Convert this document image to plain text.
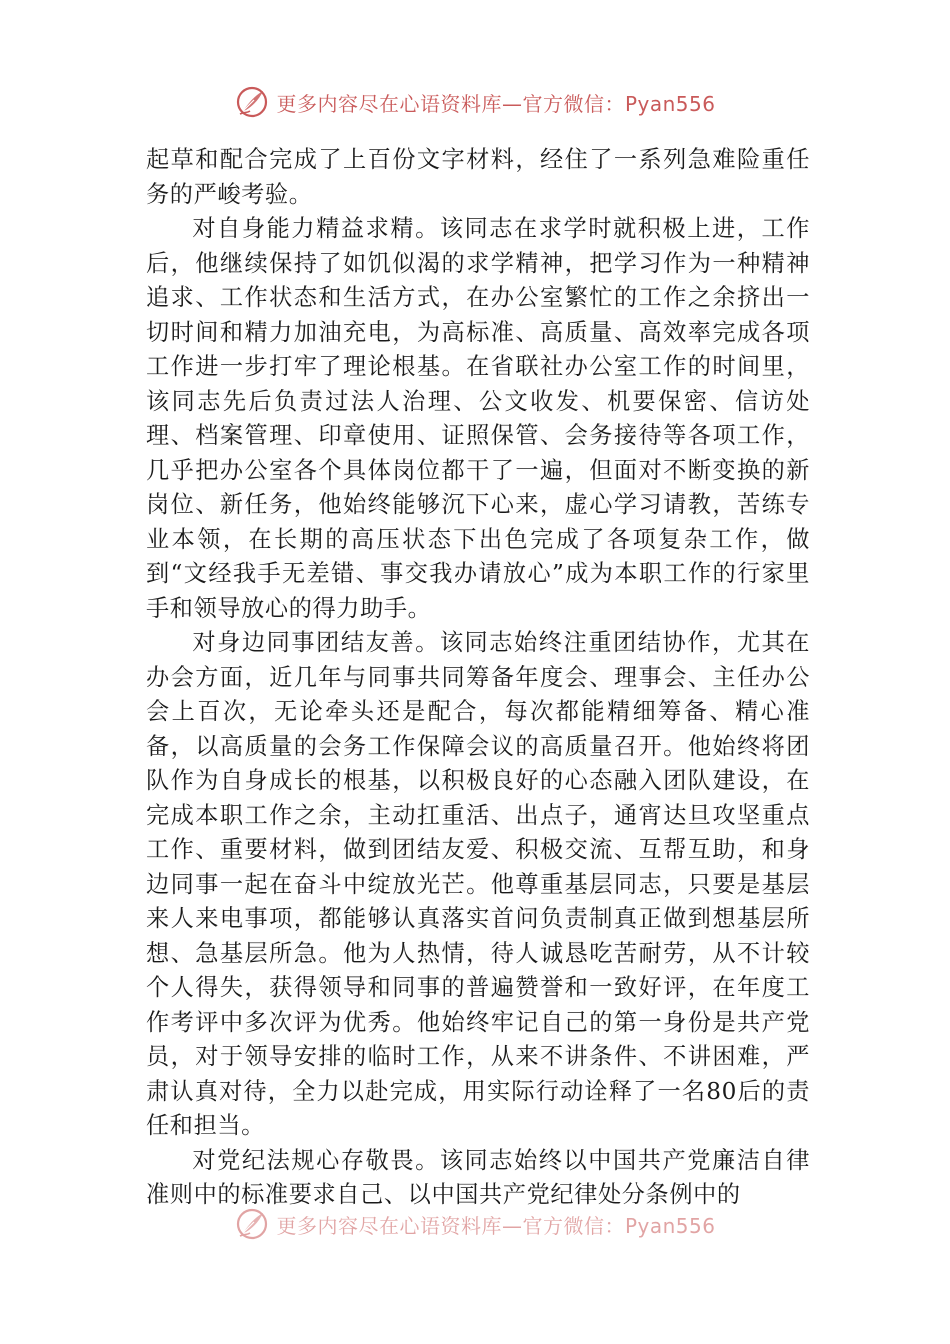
更多内容尽在心语资料库—官方微信：Pyan556

起草和配合完成了上百份文字材料，经住了一系列急难险重任务的严峻考验。

对自身能力精益求精。该同志在求学时就积极上进，工作后，他继续保持了如饥似渴的求学精神，把学习作为一种精神追求、工作状态和生活方式，在办公室繁忙的工作之余挤出一切时间和精力加油充电，为高标准、高质量、高效率完成各项工作进一步打牢了理论根基。在省联社办公室工作的时间里，该同志先后负责过法人治理、公文收发、机要保密、信访处理、档案管理、印章使用、证照保管、会务接待等各项工作，几乎把办公室各个具体岗位都干了一遍，但面对不断变换的新岗位、新任务，他始终能够沉下心来，虚心学习请教，苦练专业本领，在长期的高压状态下出色完成了各项复杂工作，做到“文经我手无差错、事交我办请放心”成为本职工作的行家里手和领导放心的得力助手。

对身边同事团结友善。该同志始终注重团结协作，尤其在办会方面，近几年与同事共同筹备年度会、理事会、主任办公会上百次，无论牵头还是配合，每次都能精细筹备、精心准备，以高质量的会务工作保障会议的高质量召开。他始终将团队作为自身成长的根基，以积极良好的心态融入团队建设，在完成本职工作之余，主动扛重活、出点子，通宵达旦攻坚重点工作、重要材料，做到团结友爱、积极交流、互帮互助，和身边同事一起在奋斗中绽放光芒。他尊重基层同志，只要是基层来人来电事项，都能够认真落实首问负责制真正做到想基层所想、急基层所急。他为人热情，待人诚恳吃苦耐劳，从不计较个人得失，获得领导和同事的普遍赞誉和一致好评，在年度工作考评中多次评为优秀。他始终牢记自己的第一身份是共产党员，对于领导安排的临时工作，从来不讲条件、不讲困难，严肃认真对待，全力以赴完成，用实际行动诠释了一名80后的责任和担当。

对党纪法规心存敬畏。该同志始终以中国共产党廉洁自律准则中的标准要求自己、以中国共产党纪律处分条例中的

更多内容尽在心语资料库—官方微信：Pyan556
